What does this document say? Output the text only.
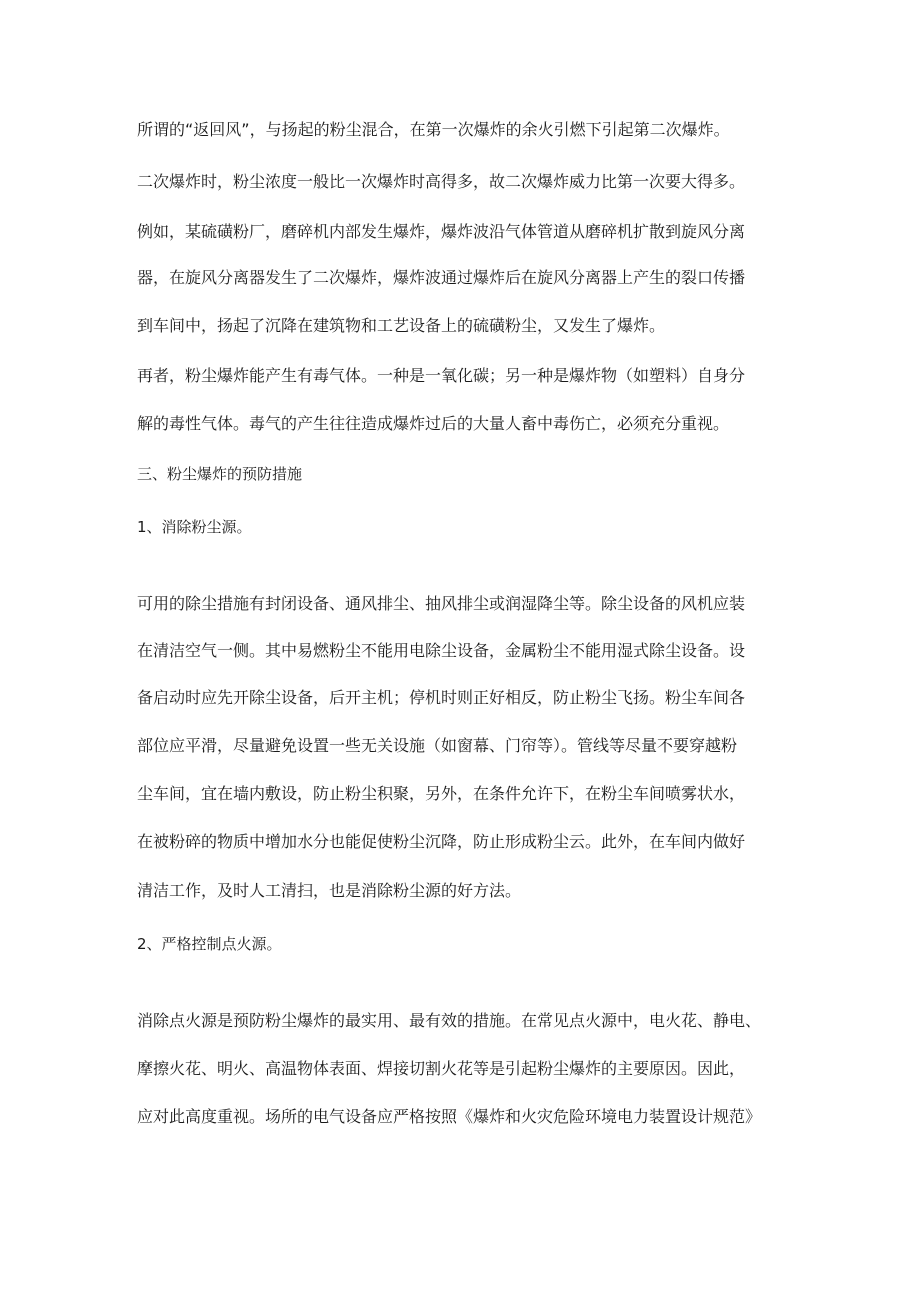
所谓的“返回风”，与扬起的粉尘混合，在第一次爆炸的余火引燃下引起第二次爆炸。
二次爆炸时，粉尘浓度一般比一次爆炸时高得多，故二次爆炸威力比第一次要大得多。
例如，某硫磺粉厂，磨碎机内部发生爆炸，爆炸波沿气体管道从磨碎机扩散到旋风分离
器，在旋风分离器发生了二次爆炸，爆炸波通过爆炸后在旋风分离器上产生的裂口传播
到车间中，扬起了沉降在建筑物和工艺设备上的硫磺粉尘，又发生了爆炸。
再者，粉尘爆炸能产生有毒气体。一种是一氧化碳；另一种是爆炸物（如塑料）自身分
解的毒性气体。毒气的产生往往造成爆炸过后的大量人畜中毒伤亡，必须充分重视。
三、粉尘爆炸的预防措施
1、消除粉尘源。
可用的除尘措施有封闭设备、通风排尘、抽风排尘或润湿降尘等。除尘设备的风机应装
在清洁空气一侧。其中易燃粉尘不能用电除尘设备，金属粉尘不能用湿式除尘设备。设
备启动时应先开除尘设备，后开主机；停机时则正好相反，防止粉尘飞扬。粉尘车间各
部位应平滑，尽量避免设置一些无关设施（如窗幕、门帘等）。管线等尽量不要穿越粉
尘车间，宜在墙内敷设，防止粉尘积聚，另外，在条件允许下，在粉尘车间喷雾状水，
在被粉碎的物质中增加水分也能促使粉尘沉降，防止形成粉尘云。此外，在车间内做好
清洁工作，及时人工清扫，也是消除粉尘源的好方法。
2、严格控制点火源。
消除点火源是预防粉尘爆炸的最实用、最有效的措施。在常见点火源中，电火花、静电、
摩擦火花、明火、高温物体表面、焊接切割火花等是引起粉尘爆炸的主要原因。因此，
应对此高度重视。场所的电气设备应严格按照《爆炸和火灾危险环境电力装置设计规范》
